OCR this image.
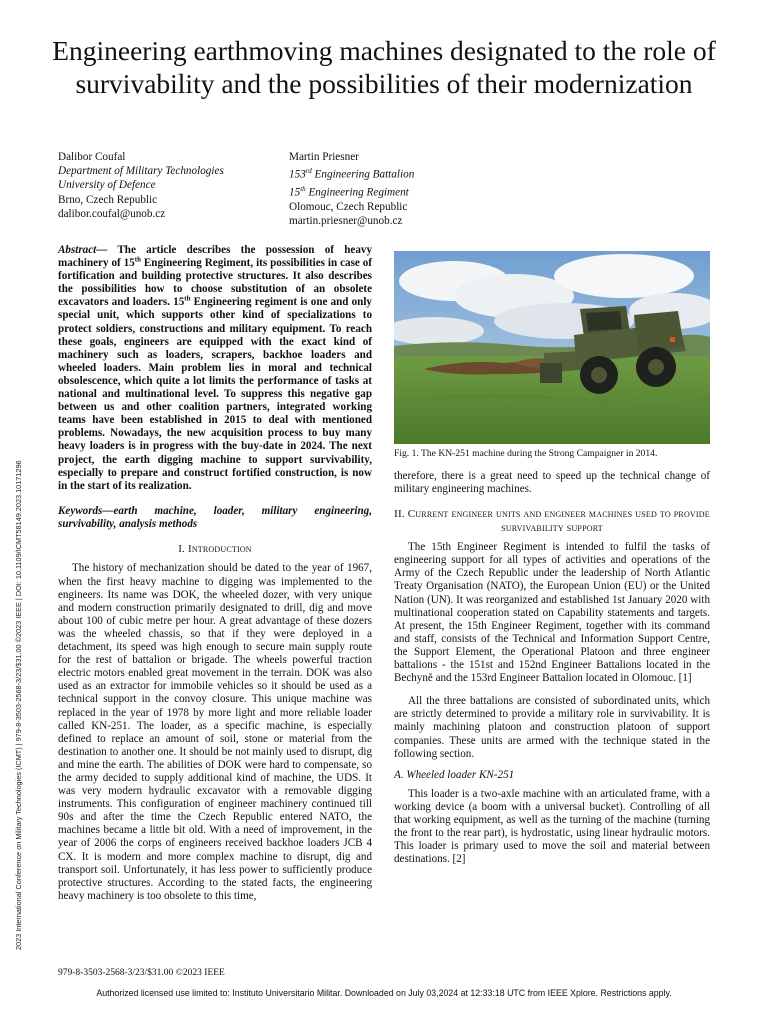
Engineering earthmoving machines designated to the role of survivability and the possibilities of their modernization
Dalibor Coufal
Department of Military Technologies
University of Defence
Brno, Czech Republic
dalibor.coufal@unob.cz
Martin Priesner
153rd Engineering Battalion
15th Engineering Regiment
Olomouc, Czech Republic
martin.priesner@unob.cz
2023 International Conference on Military Technologies (ICMT) | 979-8-3503-2568-3/23/$31.00 ©2023 IEEE | DOI: 10.1109/ICMT58149.2023.10171296

Abstract— The article describes the possession of heavy machinery of 15th Engineering Regiment, its possibilities in case of fortification and building protective structures. It also describes the possibilities how to choose substitution of an obsolete excavators and loaders. 15th Engineering regiment is one and only special unit, which supports other kind of specializations to protect soldiers, constructions and military equipment. To reach these goals, engineers are equipped with the exact kind of machinery such as loaders, scrapers, backhoe loaders and wheeled loaders. Main problem lies in moral and technical obsolescence, which quite a lot limits the performance of tasks at national and multinational level. To suppress this negative gap between us and other coalition partners, integrated working teams have been established in 2015 to deal with mentioned problems. Nowadays, the new acquisition process to buy many heavy loaders is in progress with the buy-date in 2024. The next project, the earth digging machine to support survivability, especially to prepare and construct fortified construction, is now in the start of its realization.

Keywords—earth machine, loader, military engineering, survivability, analysis methods

I. Introduction

The history of mechanization should be dated to the year of 1967, when the first heavy machine to digging was implemented to the engineers. Its name was DOK, the wheeled dozer, with very unique and modern construction primarily designated to drill, dig and move about 100 of cubic metre per hour. A great advantage of these dozers was the wheeled chassis, so that if they were deployed in a detachment, its speed was high enough to secure main supply route for the rest of battalion or brigade. The wheels powerful traction electric motors enabled great movement in the terrain. DOK was also used as an extractor for immobile vehicles so it should be used as a technical support in the convoy closure. This unique machine was replaced in the year of 1978 by more light and more reliable loader called KN-251. The loader, as a specific machine, is especially defined to replace an amount of soil, stone or material from the destination to another one. It should be not mainly used to disrupt, dig and mine the earth. The abilities of DOK were hard to compensate, so the army decided to supply additional kind of machine, the UDS. It was very modern hydraulic excavator with a removable digging instruments. This configuration of engineer machinery continued till 90s and after the time the Czech Republic entered NATO, the machines became a little bit old. With a need of improvement, in the year of 2006 the corps of engineers received backhoe loaders JCB 4 CX. It is modern and more complex machine to disrupt, dig and transport soil. Unfortunately, it has less power to sufficiently produce protective structures. According to the stated facts, the engineering heavy machinery is too obsolete to this time,

Fig. 1. The KN-251 machine during the Strong Campaigner in 2014.

therefore, there is a great need to speed up the technical change of military engineering machines.

II. Current engineer units and engineer machines used to provide survivability support

The 15th Engineer Regiment is intended to fulfil the tasks of engineering support for all types of activities and operations of the Army of the Czech Republic under the leadership of North Atlantic Treaty Organisation (NATO), the European Union (EU) or the United Nation (UN). It was reorganized and established 1st January 2020 with multinational cooperation stated on Capability statements and targets. At present, the 15th Engineer Regiment, together with its command and staff, consists of the Technical and Information Support Centre, the Support Element, the Operational Platoon and three engineer battalions - the 151st and 152nd Engineer Battalions located in the Bechyně and the 153rd Engineer Battalion located in Olomouc. [1]

All the three battalions are consisted of subordinated units, which are strictly determined to provide a military role in survivability. It is mainly machining platoon and construction platoon of support companies. These units are armed with the technique stated in the following section.

A. Wheeled loader KN-251

This loader is a two-axle machine with an articulated frame, with a working device (a boom with a universal bucket). Controlling of all that working equipment, as well as the turning of the machine (turning the front to the rear part), is hydrostatic, using linear hydraulic motors. This loader is primary used to move the soil and material between destinations. [2]

979-8-3503-2568-3/23/$31.00 ©2023 IEEE
Authorized licensed use limited to: Instituto Universitario Militar. Downloaded on July 03,2024 at 12:33:18 UTC from IEEE Xplore. Restrictions apply.
